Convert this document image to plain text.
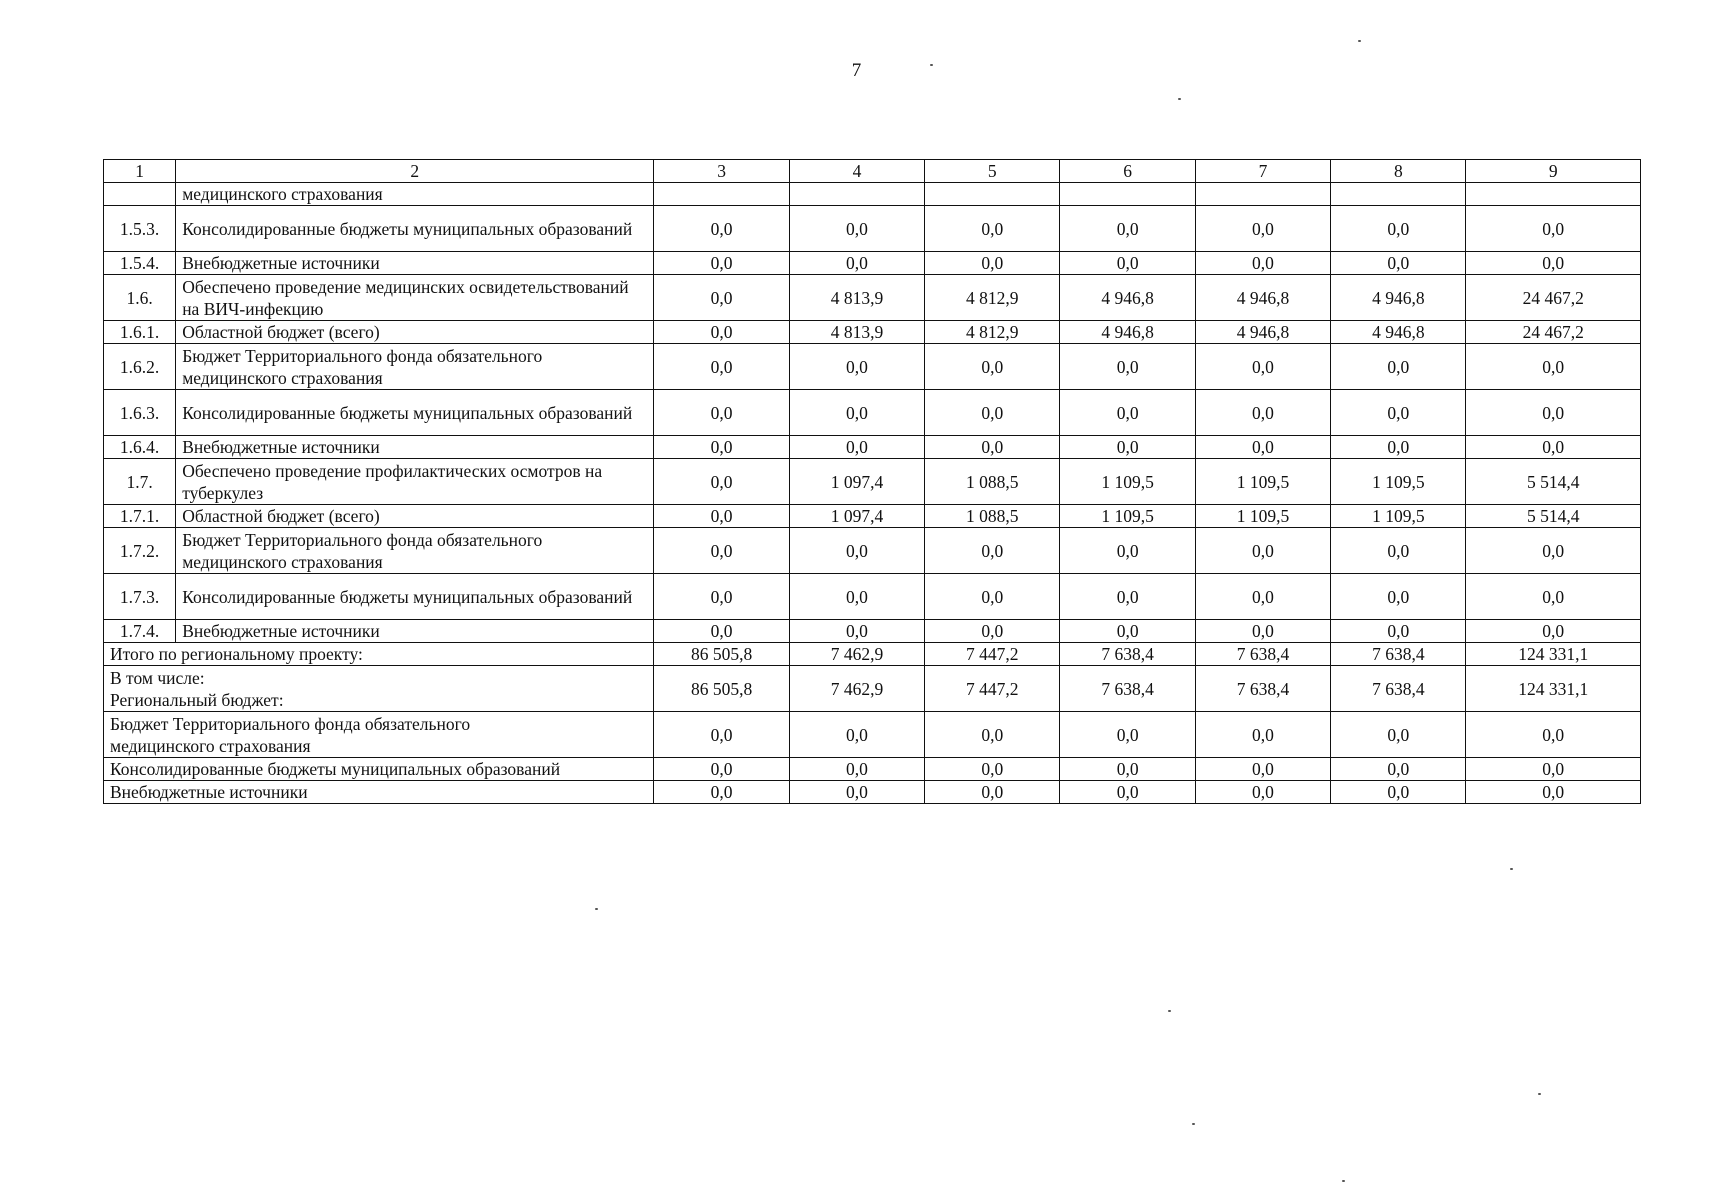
7
1	2	3	4	5	6	7	8	9
	медицинского страхования							
1.5.3.	Консолидированные бюджеты муниципальных образований	0,0	0,0	0,0	0,0	0,0	0,0	0,0
1.5.4.	Внебюджетные источники	0,0	0,0	0,0	0,0	0,0	0,0	0,0
1.6.	Обеспечено проведение медицинских освидетельствований на ВИЧ-инфекцию	0,0	4 813,9	4 812,9	4 946,8	4 946,8	4 946,8	24 467,2
1.6.1.	Областной бюджет (всего)	0,0	4 813,9	4 812,9	4 946,8	4 946,8	4 946,8	24 467,2
1.6.2.	Бюджет Территориального фонда обязательного медицинского страхования	0,0	0,0	0,0	0,0	0,0	0,0	0,0
1.6.3.	Консолидированные бюджеты муниципальных образований	0,0	0,0	0,0	0,0	0,0	0,0	0,0
1.6.4.	Внебюджетные источники	0,0	0,0	0,0	0,0	0,0	0,0	0,0
1.7.	Обеспечено проведение профилактических осмотров на туберкулез	0,0	1 097,4	1 088,5	1 109,5	1 109,5	1 109,5	5 514,4
1.7.1.	Областной бюджет (всего)	0,0	1 097,4	1 088,5	1 109,5	1 109,5	1 109,5	5 514,4
1.7.2.	Бюджет Территориального фонда обязательного медицинского страхования	0,0	0,0	0,0	0,0	0,0	0,0	0,0
1.7.3.	Консолидированные бюджеты муниципальных образований	0,0	0,0	0,0	0,0	0,0	0,0	0,0
1.7.4.	Внебюджетные источники	0,0	0,0	0,0	0,0	0,0	0,0	0,0
Итого по региональному проекту:		86 505,8	7 462,9	7 447,2	7 638,4	7 638,4	7 638,4	124 331,1

В том числе:
Региональный бюджет:		86 505,8	7 462,9	7 447,2	7 638,4	7 638,4	7 638,4	124 331,1
Бюджет Территориального фонда обязательного медицинского страхования		0,0	0,0	0,0	0,0	0,0	0,0	0,0
Консолидированные бюджеты муниципальных образований		0,0	0,0	0,0	0,0	0,0	0,0	0,0
Внебюджетные источники		0,0	0,0	0,0	0,0	0,0	0,0	0,0
